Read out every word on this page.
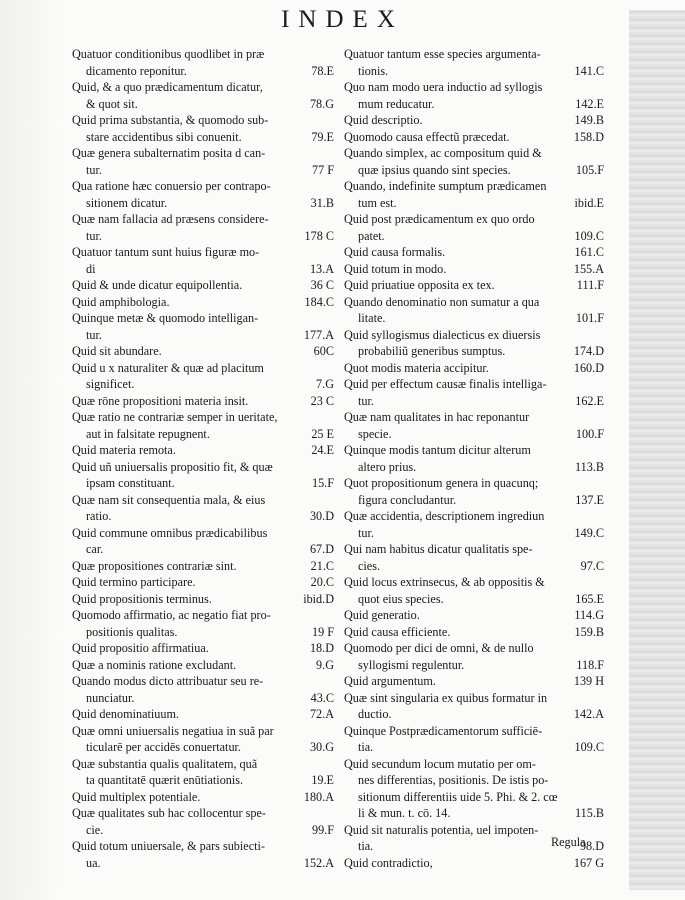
INDEX
Quatuor conditionibus quodlibet in præ
dicamento reponitur.	78.E
Quid, & a quo prædicamentum dicatur,
& quot sit.	78.G
Quid prima substantia, & quomodo sub-
stare accidentibus sibi conuenit.	79.E
Quæ genera subalternatim posita d can-
tur.	77 F
Qua ratione hæc conuersio per contrapo-
sitionem dicatur.	31.B
Quæ nam fallacia ad præsens considere-
tur.	178 C
Quatuor tantum sunt huius figuræ mo-
di	13.A
Quid & unde dicatur equipollentia.	36 C
Quid amphibologia.	184.C
Quinque metæ & quomodo intelligan-
tur.	177.A
Quid sit abundare.	60C
Quid u x naturaliter & quæ ad placitum
significet.	7.G
Quæ rōne propositioni materia insit.	23 C
Quæ ratio ne contrariæ semper in ueritate,
aut in falsitate repugnent.	25 E
Quid materia remota.	24.E
Quid uñ uniuersalis propositio fit, & quæ
ipsam constituant.	15.F
Quæ nam sit consequentia mala, & eius
ratio.	30.D
Quid commune omnibus prædicabilibus
car.	67.D
Quæ propositiones contrariæ sint.	21.C
Quid termino participare.	20.C
Quid propositionis terminus.	ibid.D
Quomodo affirmatio, ac negatio fiat pro-
positionis qualitas.	19 F
Quid propositio affirmatiua.	18.D
Quæ a nominis ratione excludant.	9.G
Quando modus dicto attribuatur seu re-
nunciatur.	43.C
Quid denominatiuum.	72.A
Quæ omni uniuersalis negatiua in suã par
ticularē per accidēs conuertatur.	30.G
Quæ substantia qualis qualitatem, quã
ta quantitatē quærit enūtiationis.	19.E
Quid multiplex potentiale.	180.A
Quæ qualitates sub hac collocentur spe-
cie.	99.F
Quid totum uniuersale, & pars subiecti-
ua.	152.A
Quatuor tantum esse species argumenta-
tionis.	141.C
Quo nam modo uera inductio ad syllogis
mum reducatur.	142.E
Quid descriptio.	149.B
Quomodo causa effectũ præcedat.	158.D
Quando simplex, ac compositum quid &
quæ ipsius quando sint species.	105.F
Quando, indefinite sumptum prædicamen
tum est.	ibid.E
Quid post prædicamentum ex quo ordo
patet.	109.C
Quid causa formalis.	161.C
Quid totum in modo.	155.A
Quid priuatiue opposita ex tex.	111.F
Quando denominatio non sumatur a qua
litate.	101.F
Quid syllogismus dialecticus ex diuersis
probabiliũ generibus sumptus.	174.D
Quot modis materia accipitur.	160.D
Quid per effectum causæ finalis intelliga-
tur.	162.E
Quæ nam qualitates in hac reponantur
specie.	100.F
Quinque modis tantum dicitur alterum
altero prius.	113.B
Quot propositionum genera in quacunq;
figura concludantur.	137.E
Quæ accidentia, descriptionem ingrediun
tur.	149.C
Qui nam habitus dicatur qualitatis spe-
cies.	97.C
Quid locus extrinsecus, & ab oppositis &
quot eius species.	165.E
Quid generatio.	114.G
Quid causa efficiente.	159.B
Quomodo per dici de omni, & de nullo
syllogismi regulentur.	118.F
Quid argumentum.	139 H
Quæ sint singularia ex quibus formatur in
ductio.	142.A
Quinque Postprædicamentorum sufficiē-
tia.	109.C
Quid secundum locum mutatio per om-
nes differentias, positionis. De istis po-
sitionum differentiis uide 5. Phi. & 2. cœ
li & mun. t. cō. 14.	115.B
Quid sit naturalis potentia, uel impoten-
tia.	98.D
Quid contradictio,	167 G
Regula
